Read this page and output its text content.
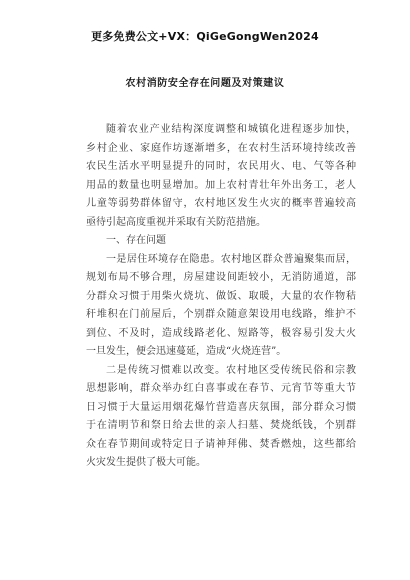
更多免费公文+VX：QiGeGongWen2024
农村消防安全存在问题及对策建议
随着农业产业结构深度调整和城镇化进程逐步加快，
乡村企业、家庭作坊逐渐增多，在农村生活环境持续改善
农民生活水平明显提升的同时，农民用火、电、气等各种
用品的数量也明显增加。加上农村青壮年外出务工，老人
儿童等弱势群体留守，农村地区发生火灾的概率普遍较高
亟待引起高度重视并采取有关防范措施。
一、存在问题
一是居住环境存在隐患。农村地区群众普遍聚集而居，
规划布局不够合理，房屋建设间距较小，无消防通道，部
分群众习惯于用柴火烧坑、做饭、取暖，大量的农作物秸
秆堆积在门前屋后，个别群众随意架设用电线路，维护不
到位、不及时，造成线路老化、短路等，极容易引发大火
一旦发生，便会迅速蔓延，造成“火烧连营”。
二是传统习惯难以改变。农村地区受传统民俗和宗教
思想影响，群众举办红白喜事或在春节、元宵节等重大节
日习惯于大量运用烟花爆竹营造喜庆氛围，部分群众习惯
于在清明节和祭日给去世的亲人扫墓、焚烧纸钱，个别群
众在春节期间或特定日子请神拜佛、焚香燃烛，这些都给
火灾发生提供了极大可能。
